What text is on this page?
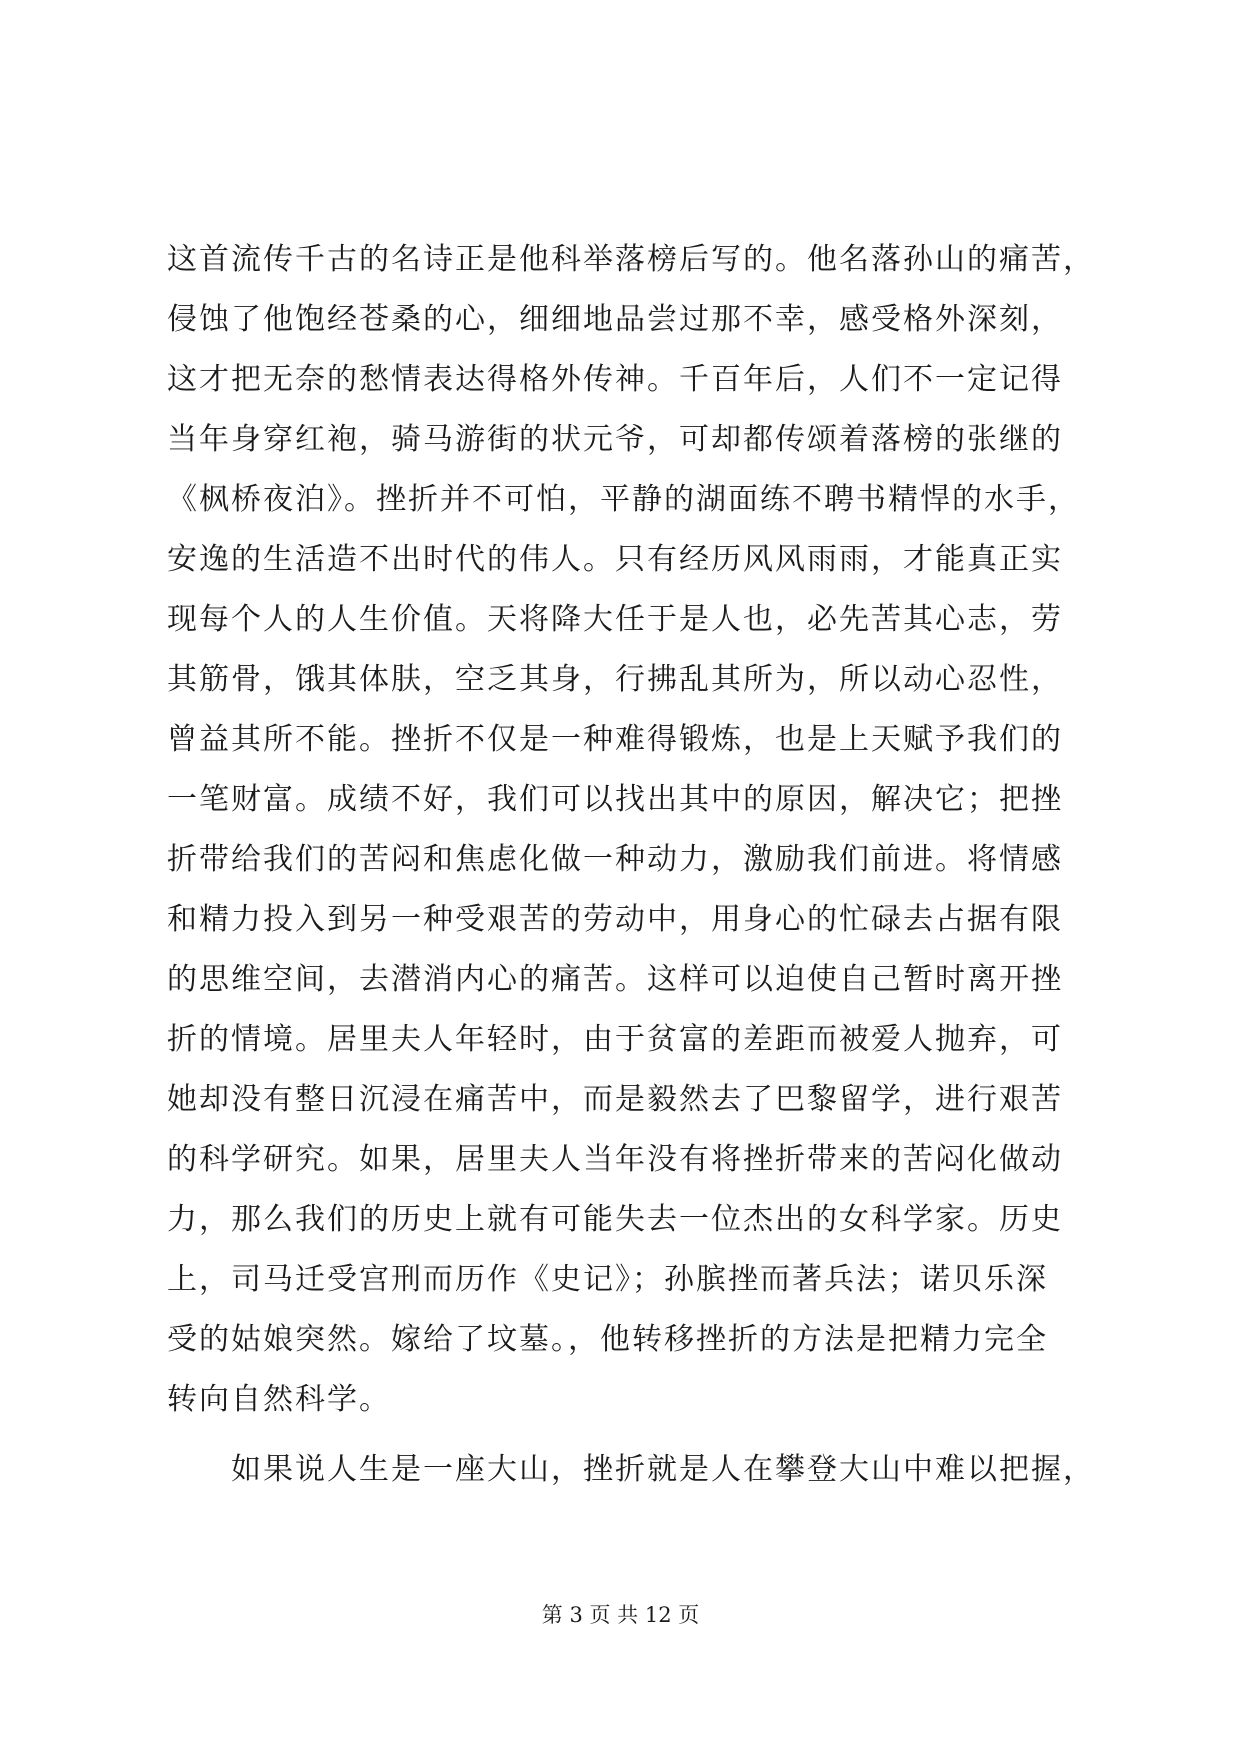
这首流传千古的名诗正是他科举落榜后写的。他名落孙山的痛苦，
侵蚀了他饱经苍桑的心，细细地品尝过那不幸，感受格外深刻，
这才把无奈的愁情表达得格外传神。千百年后，人们不一定记得
当年身穿红袍，骑马游街的状元爷，可却都传颂着落榜的张继的
《枫桥夜泊》。挫折并不可怕，平静的湖面练不聘书精悍的水手，
安逸的生活造不出时代的伟人。只有经历风风雨雨，才能真正实
现每个人的人生价值。天将降大任于是人也，必先苦其心志，劳
其筋骨，饿其体肤，空乏其身，行拂乱其所为，所以动心忍性，
曾益其所不能。挫折不仅是一种难得锻炼，也是上天赋予我们的
一笔财富。成绩不好，我们可以找出其中的原因，解决它；把挫
折带给我们的苦闷和焦虑化做一种动力，激励我们前进。将情感
和精力投入到另一种受艰苦的劳动中，用身心的忙碌去占据有限
的思维空间，去潜消内心的痛苦。这样可以迫使自己暂时离开挫
折的情境。居里夫人年轻时，由于贫富的差距而被爱人抛弃，可
她却没有整日沉浸在痛苦中，而是毅然去了巴黎留学，进行艰苦
的科学研究。如果，居里夫人当年没有将挫折带来的苦闷化做动
力，那么我们的历史上就有可能失去一位杰出的女科学家。历史
上，司马迁受宫刑而历作《史记》；孙膑挫而著兵法；诺贝乐深
受的姑娘突然。嫁给了坟墓。，他转移挫折的方法是把精力完全
转向自然科学。
　　如果说人生是一座大山，挫折就是人在攀登大山中难以把握，
第 3 页 共 12 页
